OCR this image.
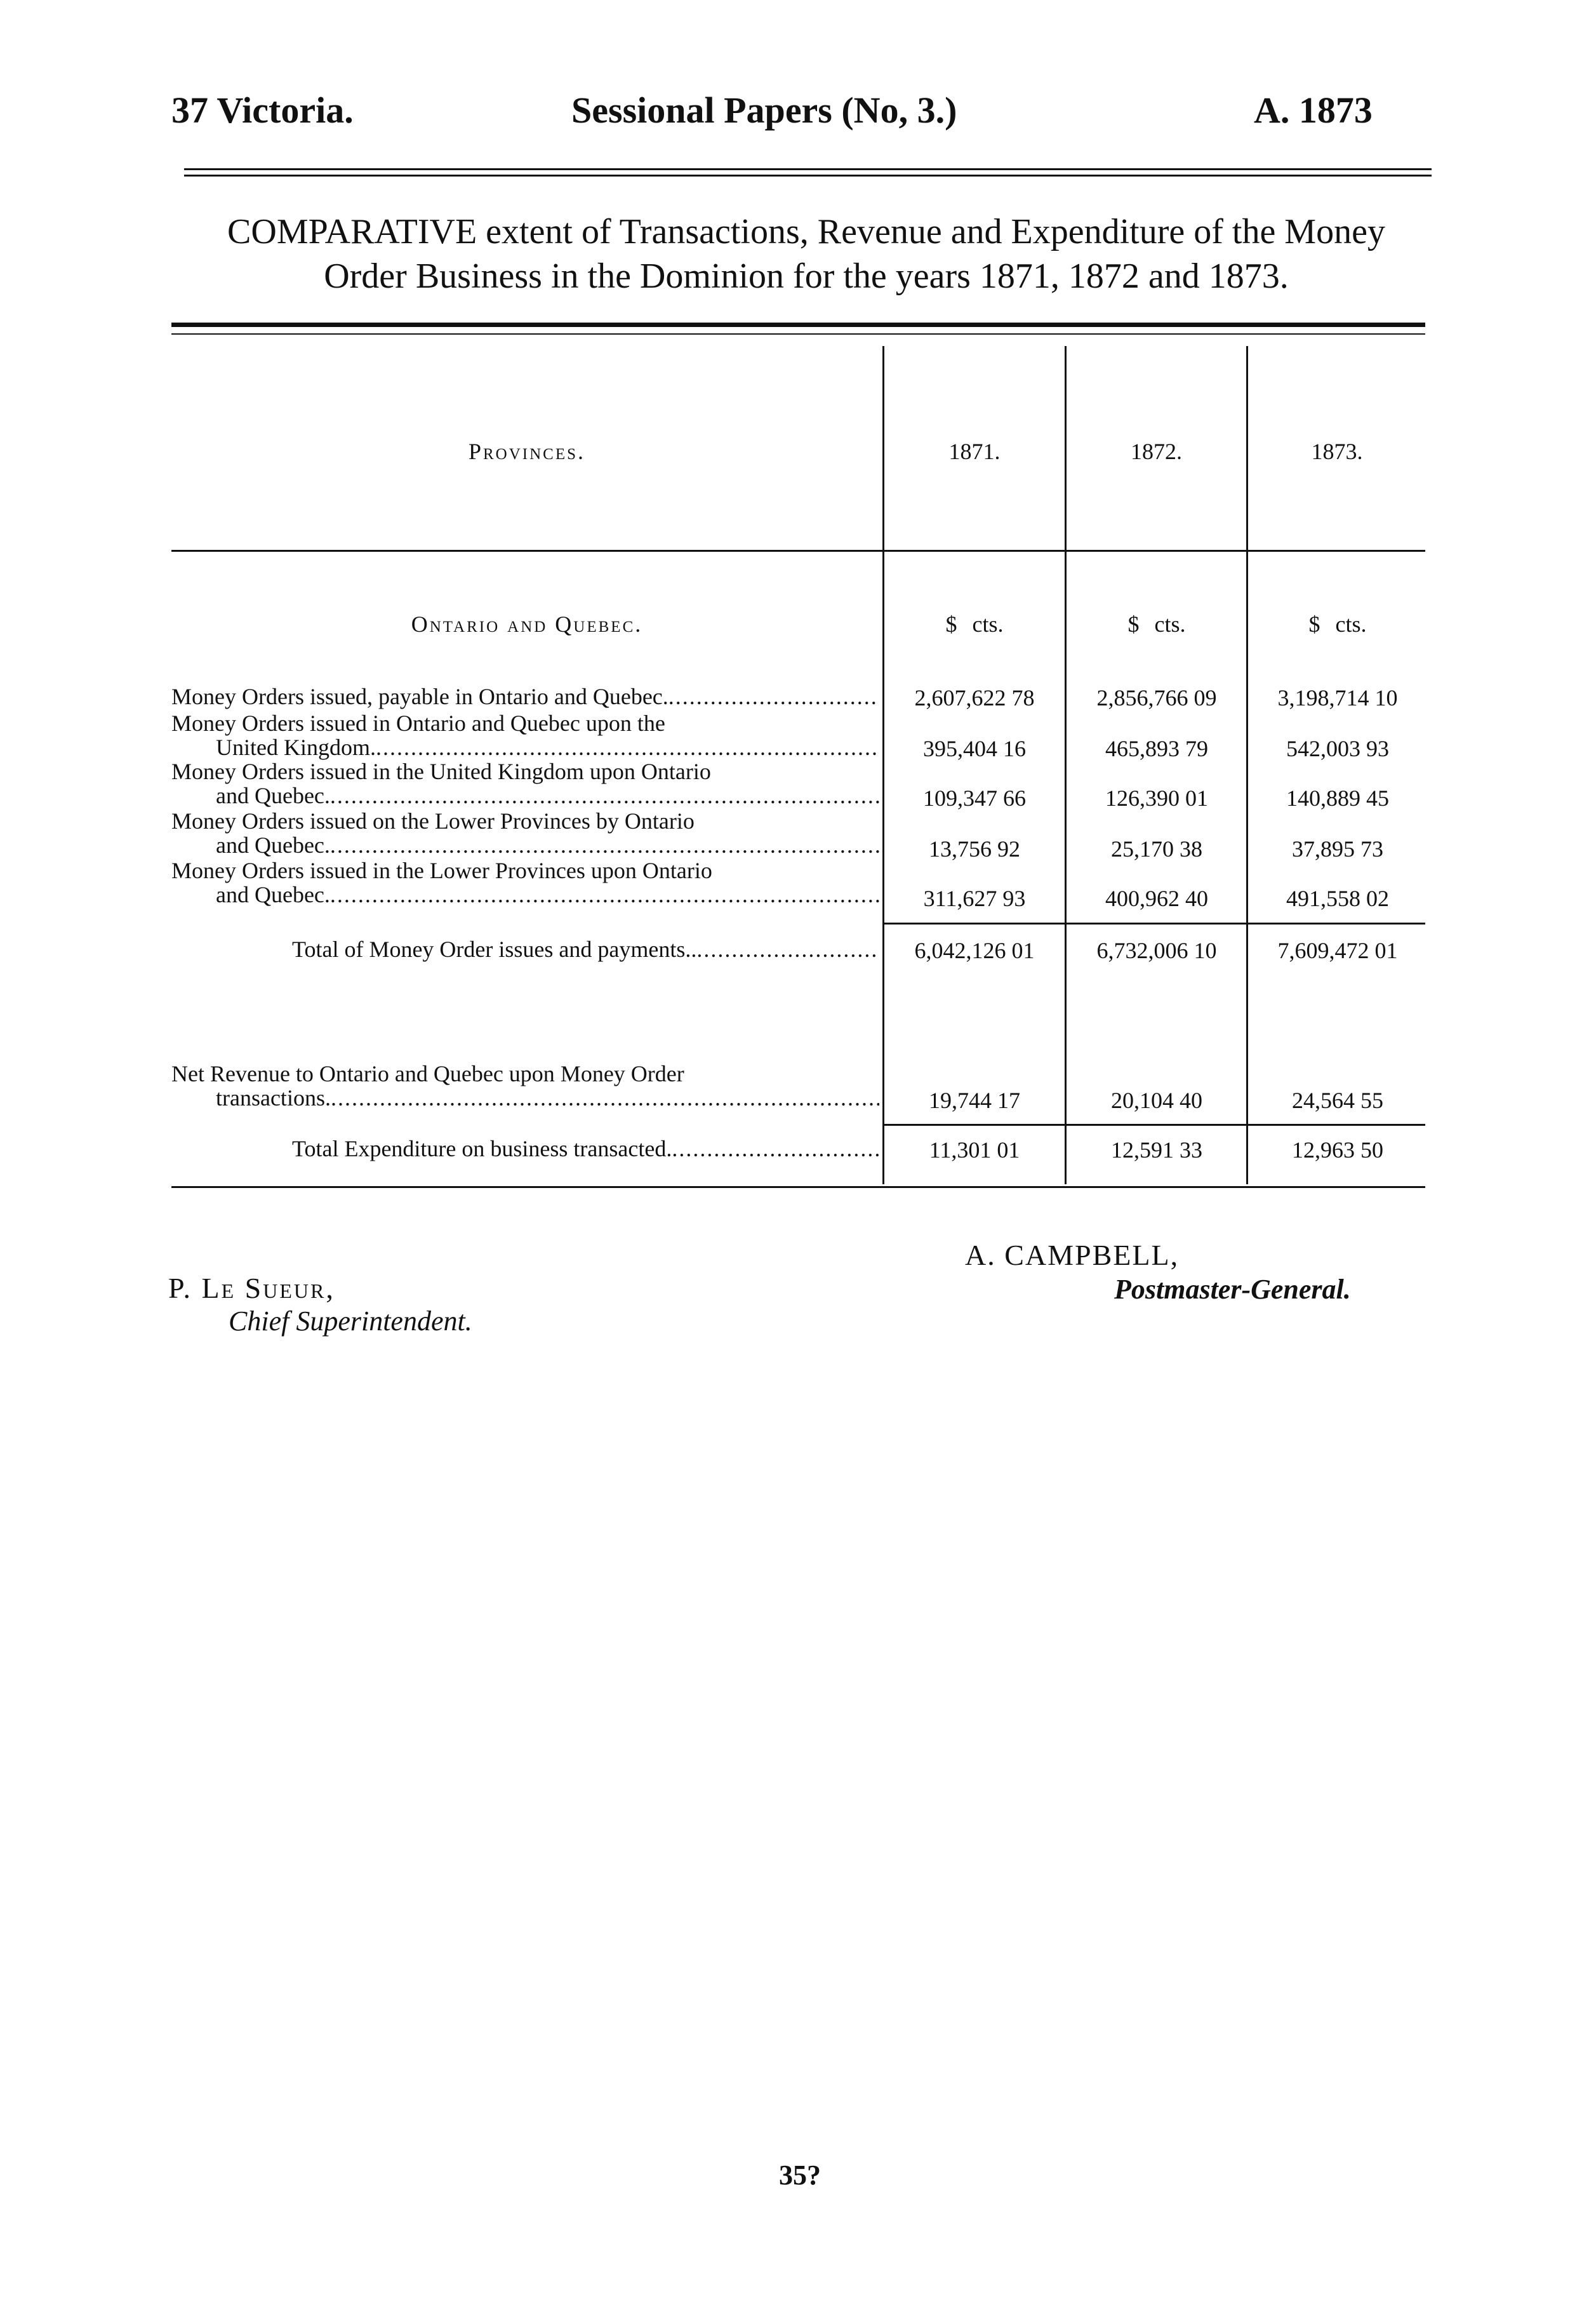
37 Victoria.	Sessional Papers (No, 3.)	A. 1873
COMPARATIVE extent of Transactions, Revenue and Expenditure of the Money
Order Business in the Dominion for the years 1871, 1872 and 1873.
Provinces.	1871.	1872.	1873.
Ontario and Quebec.	$ cts.	$ cts.	$ cts.
Money Orders issued, payable in Ontario and Quebec. .....	2,607,622 78	2,856,766 09	3,198,714 10
Money Orders issued in Ontario and Quebec upon the
United Kingdom. .....	395,404 16	465,893 79	542,003 93
Money Orders issued in the United Kingdom upon Ontario
and Quebec. .....	109,347 66	126,390 01	140,889 45
Money Orders issued on the Lower Provinces by Ontario
and Quebec. .....	13,756 92	25,170 38	37,895 73
Money Orders issued in the Lower Provinces upon Ontario
and Quebec. .....	311,627 93	400,962 40	491,558 02
Total of Money Order issues and payments.. .....	6,042,126 01	6,732,006 10	7,609,472 01
Net Revenue to Ontario and Quebec upon Money Order
transactions. .....	19,744 17	20,104 40	24,564 55
Total Expenditure on business transacted. .....	11,301 01	12,591 33	12,963 50
P. Le Sueur,
Chief Superintendent.
A. CAMPBELL,
Postmaster-General.
35?
